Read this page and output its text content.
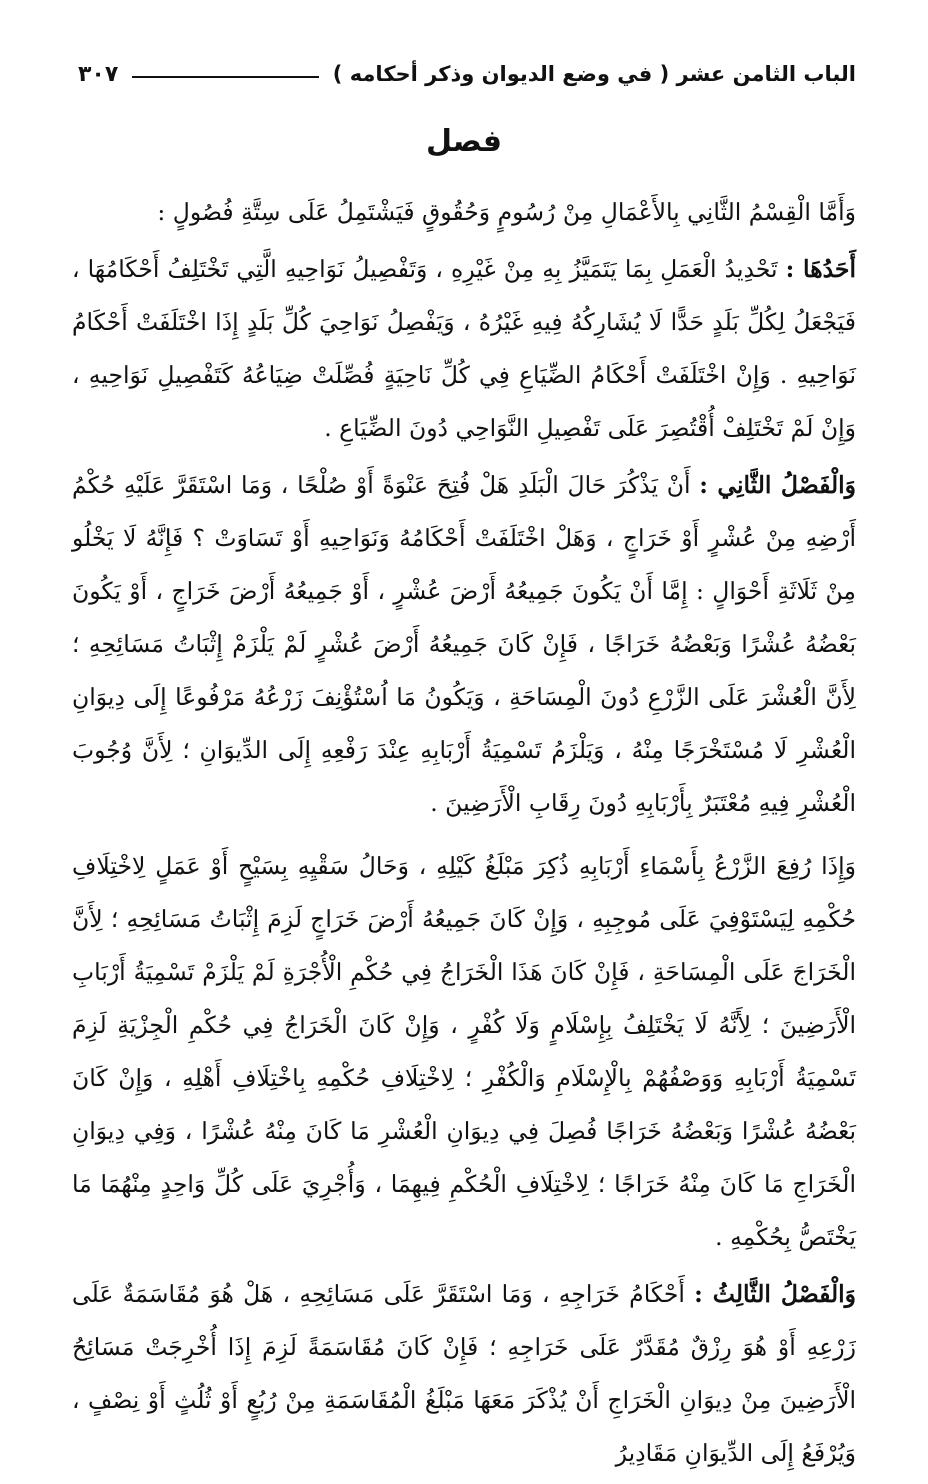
الباب الثامن عشر ( في وضع الديوان وذكر أحكامه )
٣٠٧
فصل

وَأَمَّا الْقِسْمُ الثَّانِي بِالأَعْمَالِ مِنْ رُسُومٍ وَحُقُوقٍ فَيَشْتَمِلُ عَلَى سِتَّةِ فُصُولٍ :

أَحَدُهَا : تَحْدِيدُ الْعَمَلِ بِمَا يَتَمَيَّزُ بِهِ مِنْ غَيْرِهِ ، وَتَفْصِيلُ نَوَاحِيهِ الَّتِي تَخْتَلِفُ أَحْكَامُهَا ، فَيَجْعَلُ لِكُلِّ بَلَدٍ حَدًّا لَا يُشَارِكُهُ فِيهِ غَيْرُهُ ، وَيَفْصِلُ نَوَاحِيَ كُلِّ بَلَدٍ إِذَا اخْتَلَفَتْ أَحْكَامُ نَوَاحِيهِ . وَإِنْ اخْتَلَفَتْ أَحْكَامُ الضِّيَاعِ فِي كُلِّ نَاحِيَةٍ فُصِّلَتْ ضِيَاعُهُ كَتَفْصِيلِ نَوَاحِيهِ ، وَإِنْ لَمْ تَخْتَلِفْ أُقْتُصِرَ عَلَى تَفْصِيلِ النَّوَاحِي دُونَ الضِّيَاعِ .

وَالْفَصْلُ الثَّانِي : أَنْ يَذْكُرَ حَالَ الْبَلَدِ هَلْ فُتِحَ عَنْوَةً أَوْ صُلْحًا ، وَمَا اسْتَقَرَّ عَلَيْهِ حُكْمُ أَرْضِهِ مِنْ عُشْرٍ أَوْ خَرَاجٍ ، وَهَلْ اخْتَلَفَتْ أَحْكَامُهُ وَنَوَاحِيهِ أَوْ تَسَاوَتْ ؟ فَإِنَّهُ لَا يَخْلُو مِنْ ثَلَاثَةِ أَحْوَالٍ : إِمَّا أَنْ يَكُونَ جَمِيعُهُ أَرْضَ عُشْرٍ ، أَوْ جَمِيعُهُ أَرْضَ خَرَاجٍ ، أَوْ يَكُونَ بَعْضُهُ عُشْرًا وَبَعْضُهُ خَرَاجًا ، فَإِنْ كَانَ جَمِيعُهُ أَرْضَ عُشْرٍ لَمْ يَلْزَمْ إِثْبَاتُ مَسَائِحِهِ ؛ لِأَنَّ الْعُشْرَ عَلَى الزَّرْعِ دُونَ الْمِسَاحَةِ ، وَيَكُونُ مَا اُسْتُؤْنِفَ زَرْعُهُ مَرْفُوعًا إِلَى دِيوَانِ الْعُشْرِ لَا مُسْتَخْرَجًا مِنْهُ ، وَيَلْزَمُ تَسْمِيَةُ أَرْبَابِهِ عِنْدَ رَفْعِهِ إِلَى الدِّيوَانِ ؛ لِأَنَّ وُجُوبَ الْعُشْرِ فِيهِ مُعْتَبَرٌ بِأَرْبَابِهِ دُونَ رِقَابِ الْأَرَضِينَ .

وَإِذَا رُفِعَ الزَّرْعُ بِأَسْمَاءِ أَرْبَابِهِ ذُكِرَ مَبْلَغُ كَيْلِهِ ، وَحَالُ سَقْيِهِ بِسَيْحٍ أَوْ عَمَلٍ لِاخْتِلَافِ حُكْمِهِ لِيَسْتَوْفِيَ عَلَى مُوجِبِهِ ، وَإِنْ كَانَ جَمِيعُهُ أَرْضَ خَرَاجٍ لَزِمَ إِثْبَاتُ مَسَائِحِهِ ؛ لِأَنَّ الْخَرَاجَ عَلَى الْمِسَاحَةِ ، فَإِنْ كَانَ هَذَا الْخَرَاجُ فِي حُكْمِ الْأُجْرَةِ لَمْ يَلْزَمْ تَسْمِيَةُ أَرْبَابِ الْأَرَضِينَ ؛ لِأَنَّهُ لَا يَخْتَلِفُ بِإِسْلَامٍ وَلَا كُفْرٍ ، وَإِنْ كَانَ الْخَرَاجُ فِي حُكْمِ الْجِزْيَةِ لَزِمَ تَسْمِيَةُ أَرْبَابِهِ وَوَصْفُهُمْ بِالْإِسْلَامِ وَالْكُفْرِ ؛ لِاخْتِلَافِ حُكْمِهِ بِاخْتِلَافِ أَهْلِهِ ، وَإِنْ كَانَ بَعْضُهُ عُشْرًا وَبَعْضُهُ خَرَاجًا فُصِلَ فِي دِيوَانِ الْعُشْرِ مَا كَانَ مِنْهُ عُشْرًا ، وَفِي دِيوَانِ الْخَرَاجِ مَا كَانَ مِنْهُ خَرَاجًا ؛ لِاخْتِلَافِ الْحُكْمِ فِيهِمَا ، وَأُجْرِيَ عَلَى كُلِّ وَاحِدٍ مِنْهُمَا مَا يَخْتَصُّ بِحُكْمِهِ .

وَالْفَصْلُ الثَّالِثُ : أَحْكَامُ خَرَاجِهِ ، وَمَا اسْتَقَرَّ عَلَى مَسَائِحِهِ ، هَلْ هُوَ مُقَاسَمَةٌ عَلَى زَرْعِهِ أَوْ هُوَ رِزْقٌ مُقَدَّرٌ عَلَى خَرَاجِهِ ؛ فَإِنْ كَانَ مُقَاسَمَةً لَزِمَ إِذَا أُخْرِجَتْ مَسَائِحُ الْأَرَضِينَ مِنْ دِيوَانِ الْخَرَاجِ أَنْ يُذْكَرَ مَعَهَا مَبْلَغُ الْمُقَاسَمَةِ مِنْ رُبُعٍ أَوْ ثُلُثٍ أَوْ نِصْفٍ ، وَيُرْفَعُ إِلَى الدِّيوَانِ مَقَادِيرُ
